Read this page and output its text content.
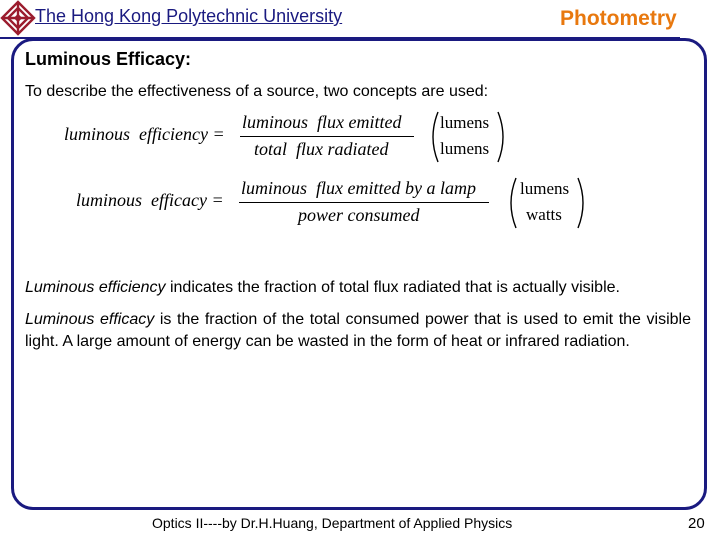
The Hong Kong Polytechnic University	Photometry
Luminous Efficacy:
To describe the effectiveness of a source, two concepts are used:
luminous  efficiency =
luminous  flux emitted
total  flux radiated
lumens
lumens
luminous  efficacy =
luminous  flux emitted by a lamp
power consumed
lumens
watts
Luminous efficiency indicates the fraction of total flux radiated that is actually visible.
Luminous efficacy is the fraction of the total consumed power that is used to emit the visible light. A large amount of energy can be wasted in the form of heat or infrared radiation.
Optics II----by Dr.H.Huang, Department of Applied Physics	20
